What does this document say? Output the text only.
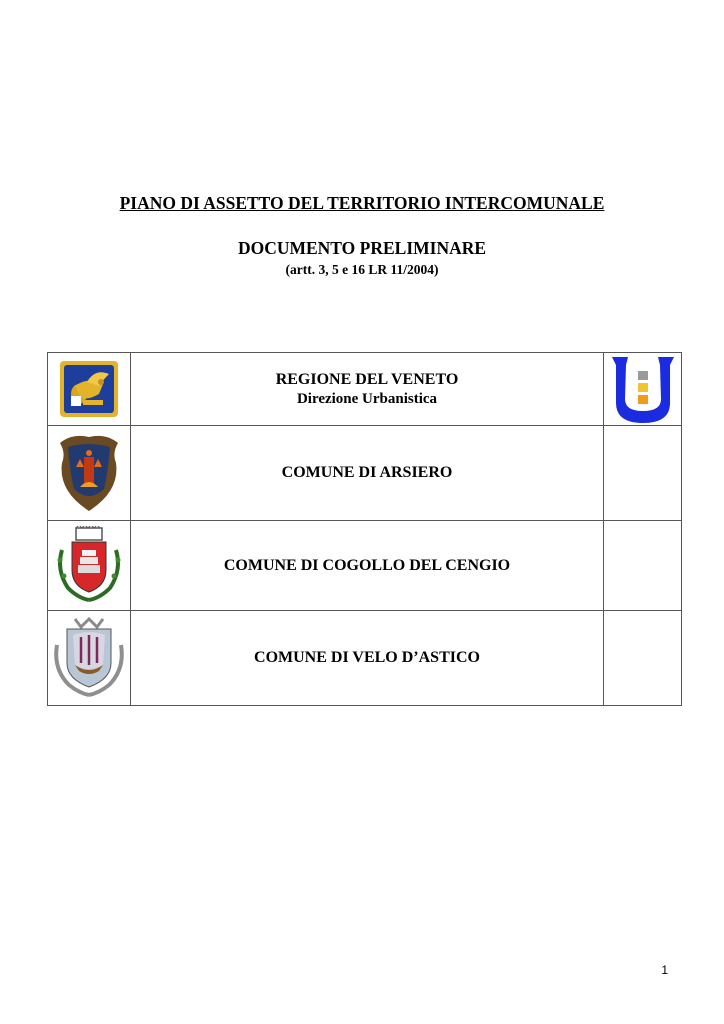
PIANO DI ASSETTO DEL TERRITORIO INTERCOMUNALE
DOCUMENTO PRELIMINARE
(artt. 3, 5 e 16 LR 11/2004)
	REGIONE DEL VENETO
Direzione Urbanistica

	COMUNE DI ARSIERO	

	COMUNE DI COGOLLO DEL CENGIO	

	COMUNE DI VELO D’ASTICO	
1
